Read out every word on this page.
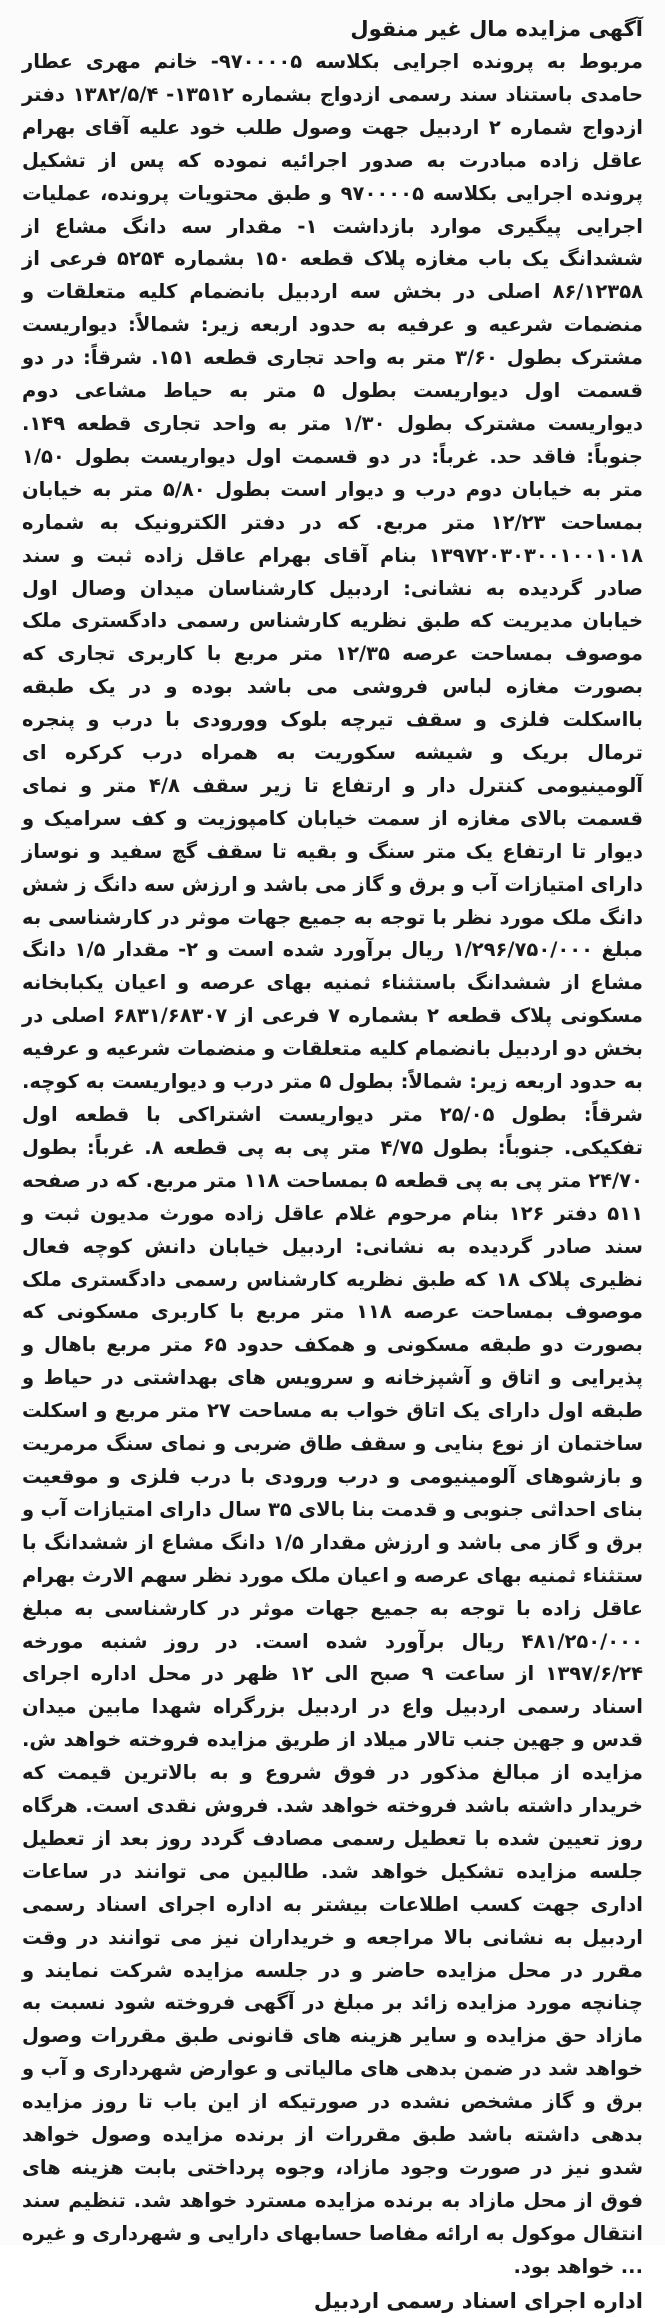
آگهی مزایده مال غیر منقول

مربوط به پرونده اجرایی بکلاسه ۹۷۰۰۰۰۵- خانم مهری عطار حامدی باستناد سند رسمی ازدواج بشماره ۱۳۵۱۲- ۱۳۸۲/۵/۴ دفتر ازدواج شماره ۲ اردبیل جهت وصول طلب خود علیه آقای بهرام عاقل زاده مبادرت به صدور اجرائیه نموده که پس از تشکیل پرونده اجرایی بکلاسه ۹۷۰۰۰۰۵ و طبق محتویات پرونده، عملیات اجرایی پیگیری موارد بازداشت ۱- مقدار سه دانگ مشاع از ششدانگ یک باب مغازه پلاک قطعه ۱۵۰ بشماره ۵۲۵۴ فرعی از ۸۶/۱۲۳۵۸ اصلی در بخش سه اردبیل بانضمام کلیه متعلقات و منضمات شرعیه و عرفیه به حدود اربعه زیر: شمالاً: دیواریست مشترک بطول ۳/۶۰ متر به واحد تجاری قطعه ۱۵۱. شرقاً: در دو قسمت اول دیواریست بطول ۵ متر به حیاط مشاعی دوم دیواریست مشترک بطول ۱/۳۰ متر به واحد تجاری قطعه ۱۴۹. جنوباً: فاقد حد. غرباً: در دو قسمت اول دیواریست بطول ۱/۵۰ متر به خیابان دوم درب و دیوار است بطول ۵/۸۰ متر به خیابان بمساحت ۱۲/۲۳ متر مربع. که در دفتر الکترونیک به شماره ۱۳۹۷۲۰۳۰۳۰۰۱۰۰۱۰۱۸ بنام آقای بهرام عاقل زاده ثبت و سند صادر گردیده به نشانی: اردبیل کارشناسان میدان وصال اول خیابان مدیریت که طبق نظریه کارشناس رسمی دادگستری ملک موصوف بمساحت عرصه ۱۲/۳۵ متر مربع با کاربری تجاری که بصورت مغازه لباس فروشی می باشد بوده و در یک طبقه بااسکلت فلزی و سقف تیرچه بلوک وورودی با درب و پنجره ترمال بریک و شیشه سکوریت به همراه درب کرکره ای آلومینیومی کنترل دار و ارتفاع تا زیر سقف ۴/۸ متر و نمای قسمت بالای مغازه از سمت خیابان کامپوزیت و کف سرامیک و دیوار تا ارتفاع یک متر سنگ و بقیه تا سقف گچ سفید و نوساز دارای امتیازات آب و برق و گاز می باشد و ارزش سه دانگ ز شش دانگ ملک مورد نظر با توجه به جمیع جهات موثر در کارشناسی به مبلغ ۱/۲۹۶/۷۵۰/۰۰۰ ریال برآورد شده است و ۲- مقدار ۱/۵ دانگ مشاع از ششدانگ باستثناء ثمنیه بهای عرصه و اعیان یکبابخانه مسکونی پلاک قطعه ۲ بشماره ۷ فرعی از ۶۸۳۱/۶۸۳۰۷ اصلی در بخش دو اردبیل بانضمام کلیه متعلقات و منضمات شرعیه و عرفیه به حدود اربعه زیر: شمالاً: بطول ۵ متر درب و دیواریست به کوچه. شرقاً: بطول ۲۵/۰۵ متر دیواریست اشتراکی با قطعه اول تفکیکی. جنوباً: بطول ۴/۷۵ متر پی به پی قطعه ۸. غرباً: بطول ۲۴/۷۰ متر پی به پی قطعه ۵ بمساحت ۱۱۸ متر مربع. که در صفحه ۵۱۱ دفتر ۱۲۶ بنام مرحوم غلام عاقل زاده مورث مدیون ثبت و سند صادر گردیده به نشانی: اردبیل خیابان دانش کوچه فعال نظیری پلاک ۱۸ که طبق نظریه کارشناس رسمی دادگستری ملک موصوف بمساحت عرصه ۱۱۸ متر مربع با کاربری مسکونی که بصورت دو طبقه مسکونی و همکف حدود ۶۵ متر مربع باهال و پذیرایی و اتاق و آشپزخانه و سرویس های بهداشتی در حیاط و طبقه اول دارای یک اتاق خواب به مساحت ۲۷ متر مربع و اسکلت ساختمان از نوع بنایی و سقف طاق ضربی و نمای سنگ مرمریت و بازشوهای آلومینیومی و درب ورودی با درب فلزی و موقعیت بنای احداثی جنوبی و قدمت بنا بالای ۳۵ سال دارای امتیازات آب و برق و گاز می باشد و ارزش مقدار ۱/۵ دانگ مشاع از ششدانگ با ستثناء ثمنیه بهای عرصه و اعیان ملک مورد نظر سهم الارث بهرام عاقل زاده با توجه به جمیع جهات موثر در کارشناسی به مبلغ ۴۸۱/۲۵۰/۰۰۰ ریال برآورد شده است. در روز شنبه مورخه ۱۳۹۷/۶/۲۴ از ساعت ۹ صبح الی ۱۲ ظهر در محل اداره اجرای اسناد رسمی اردبیل واع در اردبیل بزرگراه شهدا مابین میدان قدس و جهین جنب تالار میلاد از طریق مزایده فروخته خواهد ش. مزایده از مبالغ مذکور در فوق شروع و به بالاترین قیمت که خریدار داشته باشد فروخته خواهد شد. فروش نقدی است. هرگاه روز تعیین شده با تعطیل رسمی مصادف گردد روز بعد از تعطیل جلسه مزایده تشکیل خواهد شد. طالبین می توانند در ساعات اداری جهت کسب اطلاعات بیشتر به اداره اجرای اسناد رسمی اردبیل به نشانی بالا مراجعه و خریداران نیز می توانند در وقت مقرر در محل مزایده حاضر و در جلسه مزایده شرکت نمایند و چنانچه مورد مزایده زائد بر مبلغ در آگهی فروخته شود نسبت به مازاد حق مزایده و سایر هزینه های قانونی طبق مقررات وصول خواهد شد در ضمن بدهی های مالیاتی و عوارض شهرداری و آب و برق و گاز مشخص نشده در صورتیکه از این باب تا روز مزایده بدهی داشته باشد طبق مقررات از برنده مزایده وصول خواهد شدو نیز در صورت وجود مازاد، وجوه پرداختی بابت هزینه های فوق از محل مازاد به برنده مزایده مسترد خواهد شد. تنظیم سند انتقال موکول به ارائه مفاصا حسابهای دارایی و شهرداری و غیره ... خواهد بود.

اداره اجرای اسناد رسمی اردبیل
